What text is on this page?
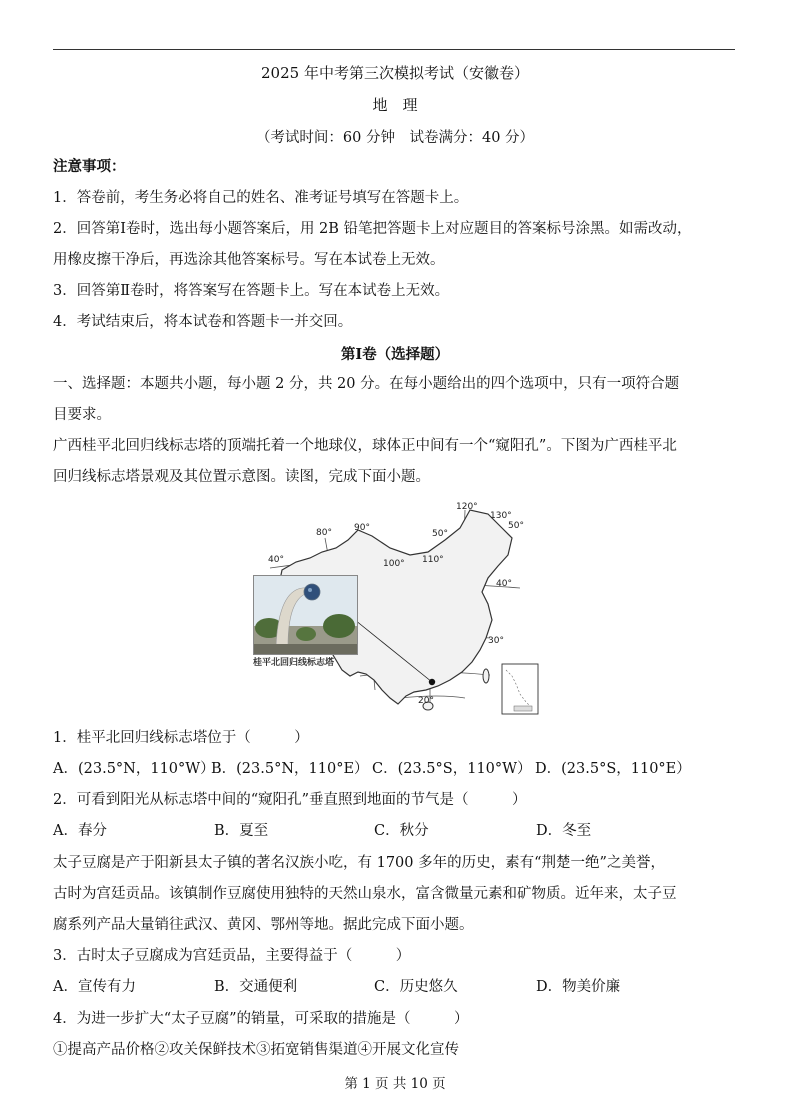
2025 年中考第三次模拟考试（安徽卷）
地　理
（考试时间：60 分钟　试卷满分：40 分）
注意事项：
1．答卷前，考生务必将自己的姓名、准考证号填写在答题卡上。
2．回答第Ⅰ卷时，选出每小题答案后，用 2B 铅笔把答题卡上对应题目的答案标号涂黑。如需改动，
用橡皮擦干净后，再选涂其他答案标号。写在本试卷上无效。
3．回答第Ⅱ卷时，将答案写在答题卡上。写在本试卷上无效。
4．考试结束后，将本试卷和答题卡一并交回。
第Ⅰ卷（选择题）
一、选择题：本题共小题，每小题 2 分，共 20 分。在每小题给出的四个选项中，只有一项符合题
目要求。
广西桂平北回归线标志塔的顶端托着一个地球仪，球体正中间有一个“窥阳孔”。下图为广西桂平北
回归线标志塔景观及其位置示意图。读图，完成下面小题。
120°
130°
50°
80° 90°
50°
40°	100° 110°
40°
30°
20°
桂平北回归线标志塔
1．桂平北回归线标志塔位于（　　　）
A．(23.5°N，110°W）
B．(23.5°N，110°E） C．(23.5°S，110°W） D．(23.5°S，110°E）
2．可看到阳光从标志塔中间的“窥阳孔”垂直照到地面的节气是（　　　）
A．春分	B．夏至	C．秋分	D．冬至
太子豆腐是产于阳新县太子镇的著名汉族小吃，有 1700 多年的历史，素有“荆楚一绝”之美誉，
古时为宫廷贡品。该镇制作豆腐使用独特的天然山泉水，富含微量元素和矿物质。近年来，太子豆
腐系列产品大量销往武汉、黄冈、鄂州等地。据此完成下面小题。
3．古时太子豆腐成为宫廷贡品，主要得益于（　　　）
A．宣传有力	B．交通便利	C．历史悠久	D．物美价廉
4．为进一步扩大“太子豆腐”的销量，可采取的措施是（　　　）
①提高产品价格②攻关保鲜技术③拓宽销售渠道④开展文化宣传
第 1 页 共 10 页
